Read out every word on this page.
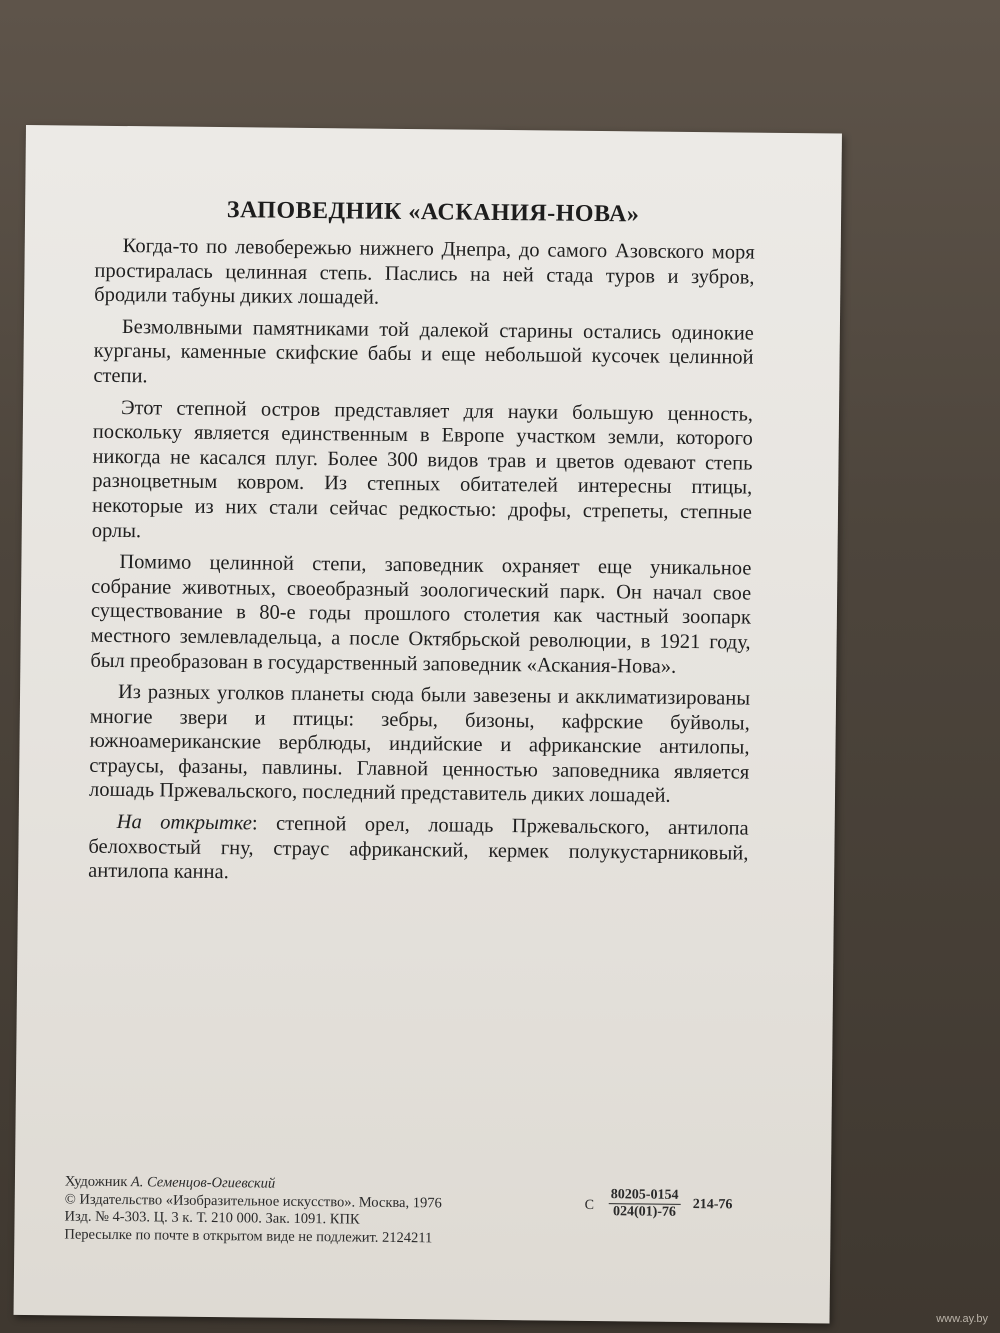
ЗАПОВЕДНИК «АСКАНИЯ-НОВА»

Когда-то по левобережью нижнего Днепра, до самого Азовского моря простиралась целинная степь. Паслись на ней стада туров и зубров, бродили табуны диких лошадей.

Безмолвными памятниками той далекой старины остались одинокие курганы, каменные скифские бабы и еще небольшой кусочек целинной степи.

Этот степной остров представляет для науки большую ценность, поскольку является единственным в Европе участком земли, которого никогда не касался плуг. Более 300 видов трав и цветов одевают степь разноцветным ковром. Из степных обитателей интересны птицы, некоторые из них стали сейчас редкостью: дрофы, стрепеты, степные орлы.

Помимо целинной степи, заповедник охраняет еще уникальное собрание животных, своеобразный зоологический парк. Он начал свое существование в 80-е годы прошлого столетия как частный зоопарк местного землевладельца, а после Октябрьской революции, в 1921 году, был преобразован в государственный заповедник «Аскания-Нова».

Из разных уголков планеты сюда были завезены и акклиматизированы многие звери и птицы: зебры, бизоны, кафрские буйволы, южноамериканские верблюды, индийские и африканские антилопы, страусы, фазаны, павлины. Главной ценностью заповедника является лошадь Пржевальского, последний представитель диких лошадей.

На открытке: степной орел, лошадь Пржевальского, антилопа белохвостый гну, страус африканский, кермек полукустарниковый, антилопа канна.

Художник А. Семенцов-Огиевский
© Издательство «Изобразительное искусство». Москва, 1976
Изд. № 4-303. Ц. 3 к. Т. 210 000. Зак. 1091. КПК
Пересылке по почте в открытом виде не подлежит. 2124211
С $\frac{80205-0154}{024(01)-76} 214-76$
www.ay.by
